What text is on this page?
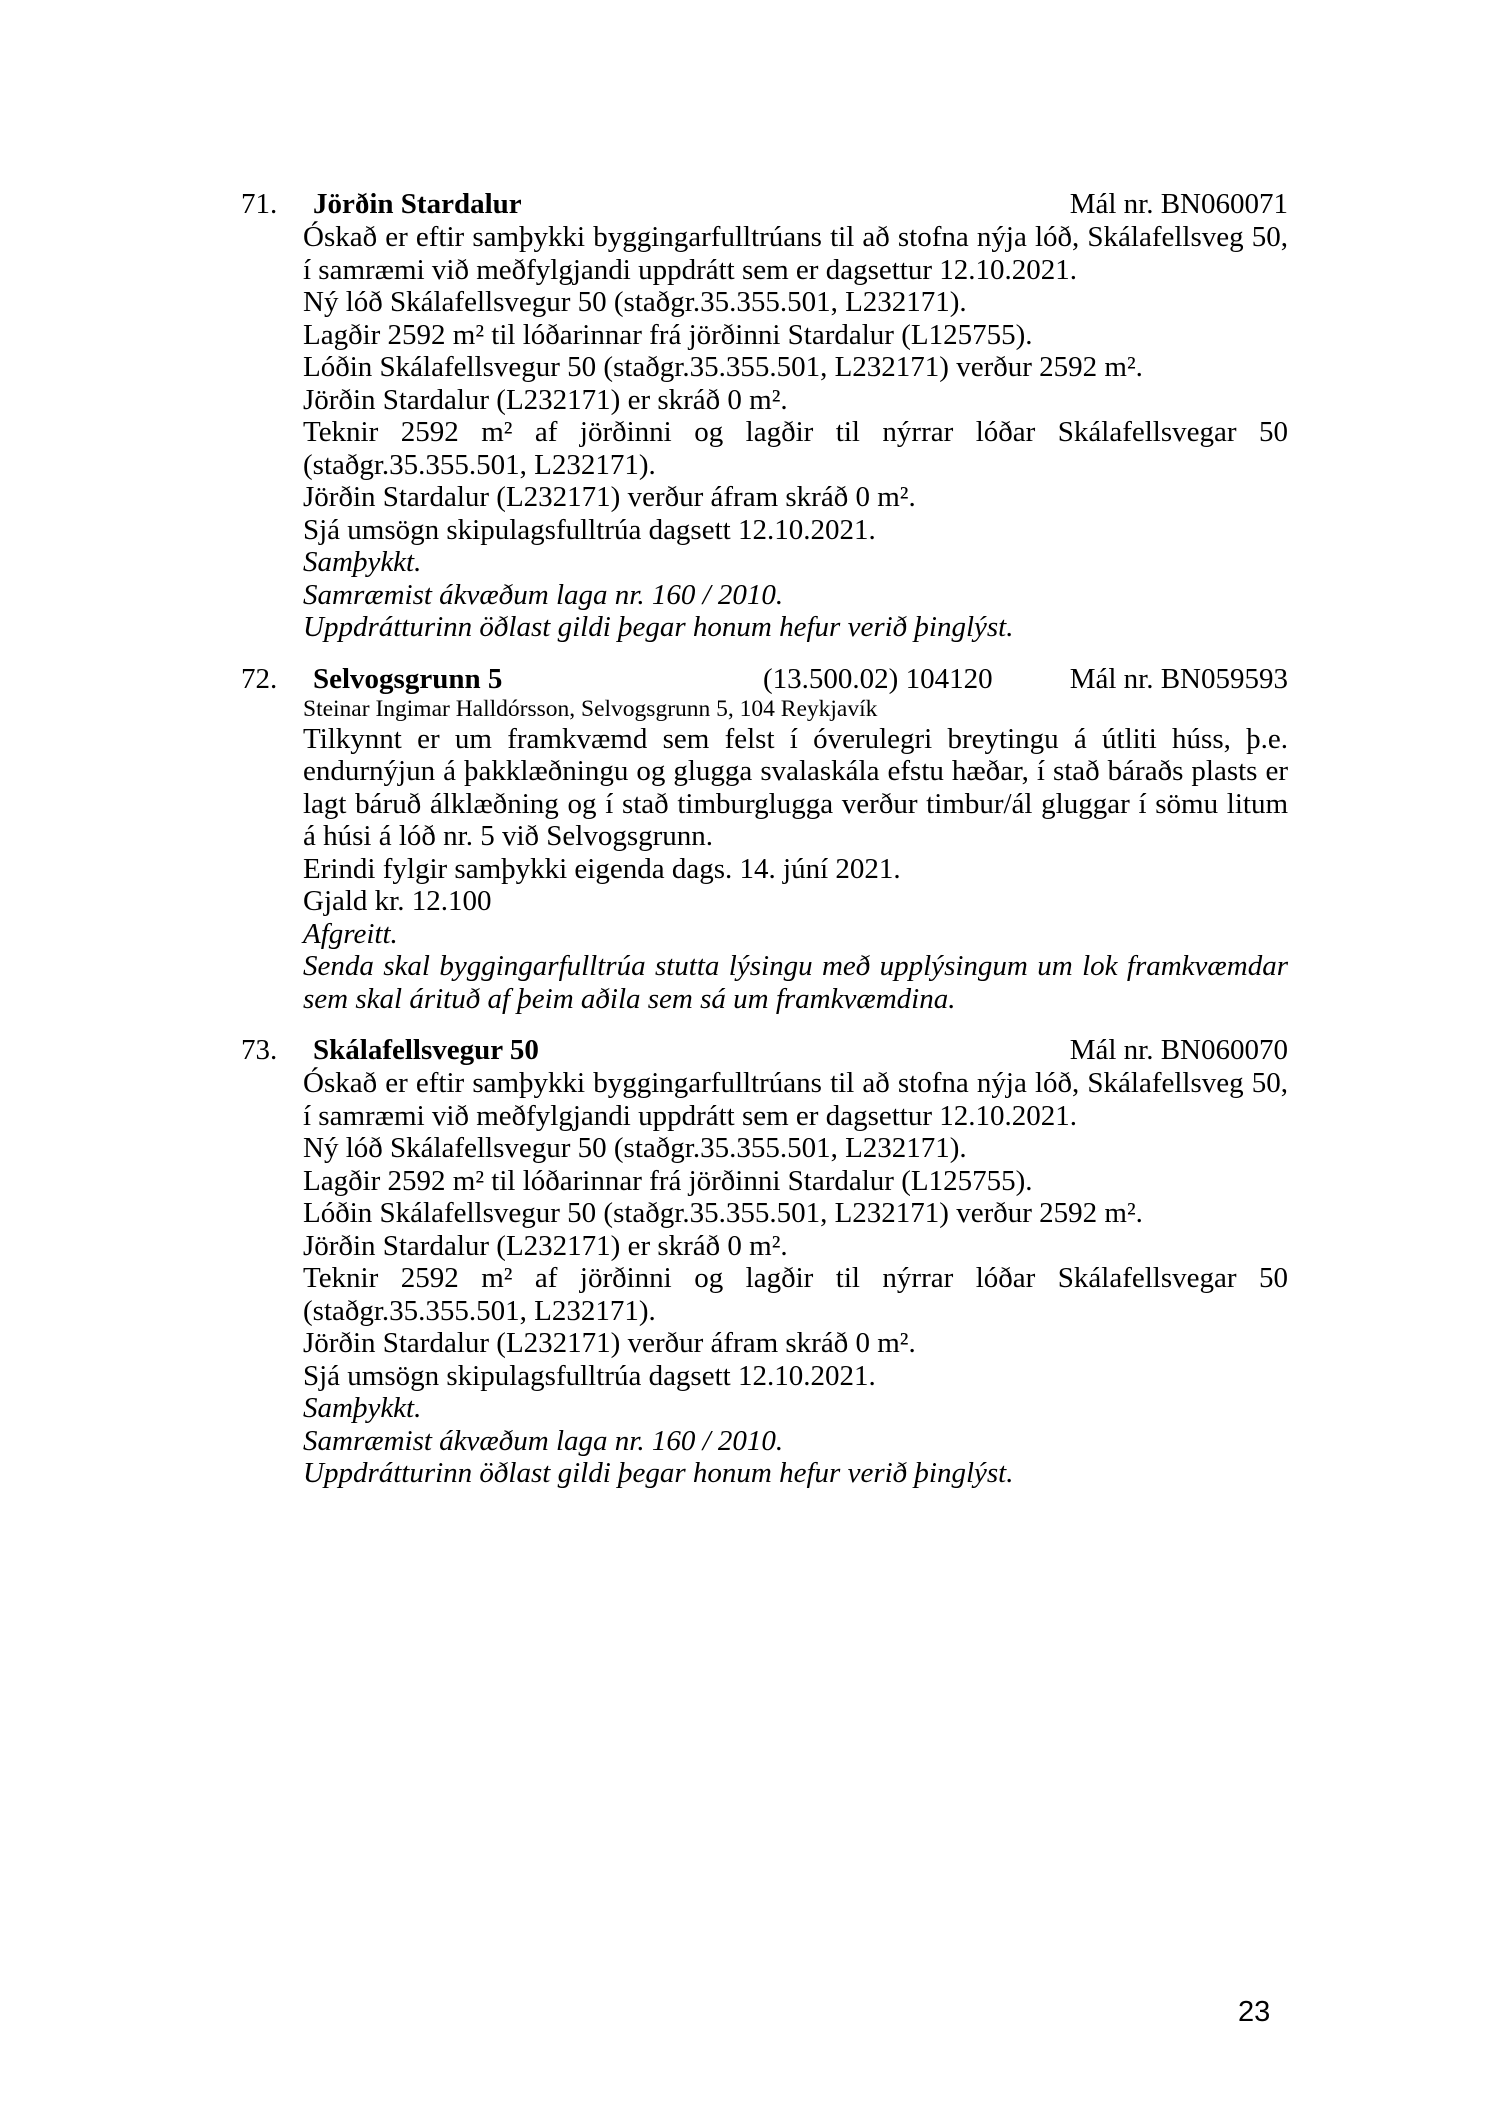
71.	Jörðin Stardalur	Mál nr. BN060071
Óskað er eftir samþykki byggingarfulltrúans til að stofna nýja lóð, Skálafellsveg 50, í samræmi við meðfylgjandi uppdrátt sem er dagsettur 12.10.2021.
Ný lóð Skálafellsvegur 50 (staðgr.35.355.501, L232171).
Lagðir 2592 m² til lóðarinnar frá jörðinni Stardalur (L125755).
Lóðin Skálafellsvegur 50 (staðgr.35.355.501, L232171) verður 2592 m².
Jörðin Stardalur (L232171) er skráð 0 m².
Teknir 2592 m² af jörðinni og lagðir til nýrrar lóðar Skálafellsvegar 50 (staðgr.35.355.501, L232171).
Jörðin Stardalur (L232171) verður áfram skráð 0 m².
Sjá umsögn skipulagsfulltrúa dagsett 12.10.2021.
Samþykkt.
Samræmist ákvæðum laga nr. 160 / 2010.
Uppdrátturinn öðlast gildi þegar honum hefur verið þinglýst.
72.	Selvogsgrunn 5	(13.500.02) 104120	Mál nr. BN059593
Steinar Ingimar Halldórsson, Selvogsgrunn 5, 104 Reykjavík
Tilkynnt er um framkvæmd sem felst í óverulegri breytingu á útliti húss, þ.e. endurnýjun á þakklæðningu og glugga svalaskála efstu hæðar, í stað báraðs plasts er lagt báruð álklæðning og í stað timburglugga verður timbur/ál gluggar í sömu litum á húsi á lóð nr. 5 við Selvogsgrunn.
Erindi fylgir samþykki eigenda dags. 14. júní 2021.
Gjald kr. 12.100
Afgreitt.
Senda skal byggingarfulltrúa stutta lýsingu með upplýsingum um lok framkvæmdar sem skal árituð af þeim aðila sem sá um framkvæmdina.
73.	Skálafellsvegur 50	Mál nr. BN060070
Óskað er eftir samþykki byggingarfulltrúans til að stofna nýja lóð, Skálafellsveg 50, í samræmi við meðfylgjandi uppdrátt sem er dagsettur 12.10.2021.
Ný lóð Skálafellsvegur 50 (staðgr.35.355.501, L232171).
Lagðir 2592 m² til lóðarinnar frá jörðinni Stardalur (L125755).
Lóðin Skálafellsvegur 50 (staðgr.35.355.501, L232171) verður 2592 m².
Jörðin Stardalur (L232171) er skráð 0 m².
Teknir 2592 m² af jörðinni og lagðir til nýrrar lóðar Skálafellsvegar 50 (staðgr.35.355.501, L232171).
Jörðin Stardalur (L232171) verður áfram skráð 0 m².
Sjá umsögn skipulagsfulltrúa dagsett 12.10.2021.
Samþykkt.
Samræmist ákvæðum laga nr. 160 / 2010.
Uppdrátturinn öðlast gildi þegar honum hefur verið þinglýst.
23
